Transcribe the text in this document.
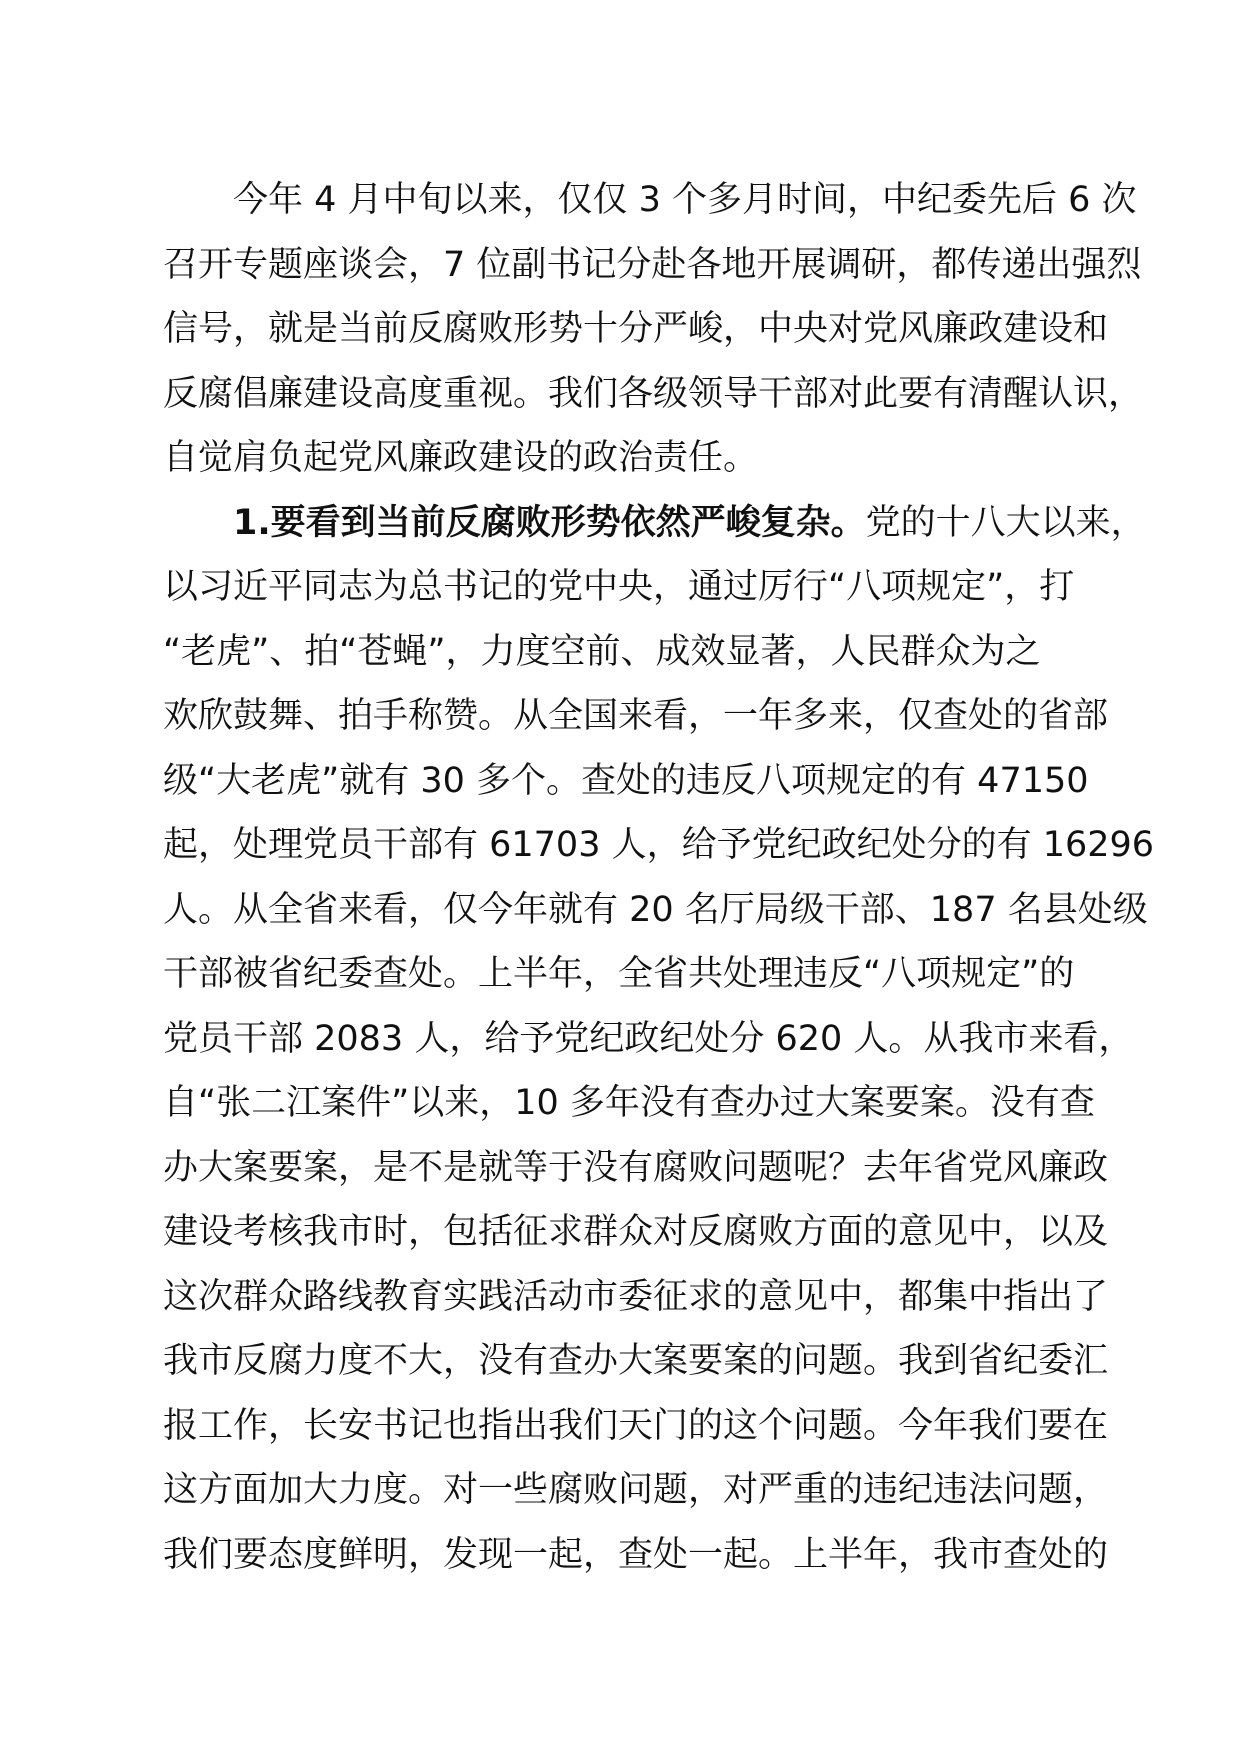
　　今年 4 月中旬以来，仅仅 3 个多月时间，中纪委先后 6 次
召开专题座谈会，7 位副书记分赴各地开展调研，都传递出强烈
信号，就是当前反腐败形势十分严峻，中央对党风廉政建设和
反腐倡廉建设高度重视。我们各级领导干部对此要有清醒认识，
自觉肩负起党风廉政建设的政治责任。
　　1.要看到当前反腐败形势依然严峻复杂。党的十八大以来，
以习近平同志为总书记的党中央，通过厉行“八项规定”，打
“老虎”、拍“苍蝇”，力度空前、成效显著，人民群众为之
欢欣鼓舞、拍手称赞。从全国来看，一年多来，仅查处的省部
级“大老虎”就有 30 多个。查处的违反八项规定的有 47150
起，处理党员干部有 61703 人，给予党纪政纪处分的有 16296
人。从全省来看，仅今年就有 20 名厅局级干部、187 名县处级
干部被省纪委查处。上半年，全省共处理违反“八项规定”的
党员干部 2083 人，给予党纪政纪处分 620 人。从我市来看，
自“张二江案件”以来，10 多年没有查办过大案要案。没有查
办大案要案，是不是就等于没有腐败问题呢？去年省党风廉政
建设考核我市时，包括征求群众对反腐败方面的意见中，以及
这次群众路线教育实践活动市委征求的意见中，都集中指出了
我市反腐力度不大，没有查办大案要案的问题。我到省纪委汇
报工作，长安书记也指出我们天门的这个问题。今年我们要在
这方面加大力度。对一些腐败问题，对严重的违纪违法问题，
我们要态度鲜明，发现一起，查处一起。上半年，我市查处的
